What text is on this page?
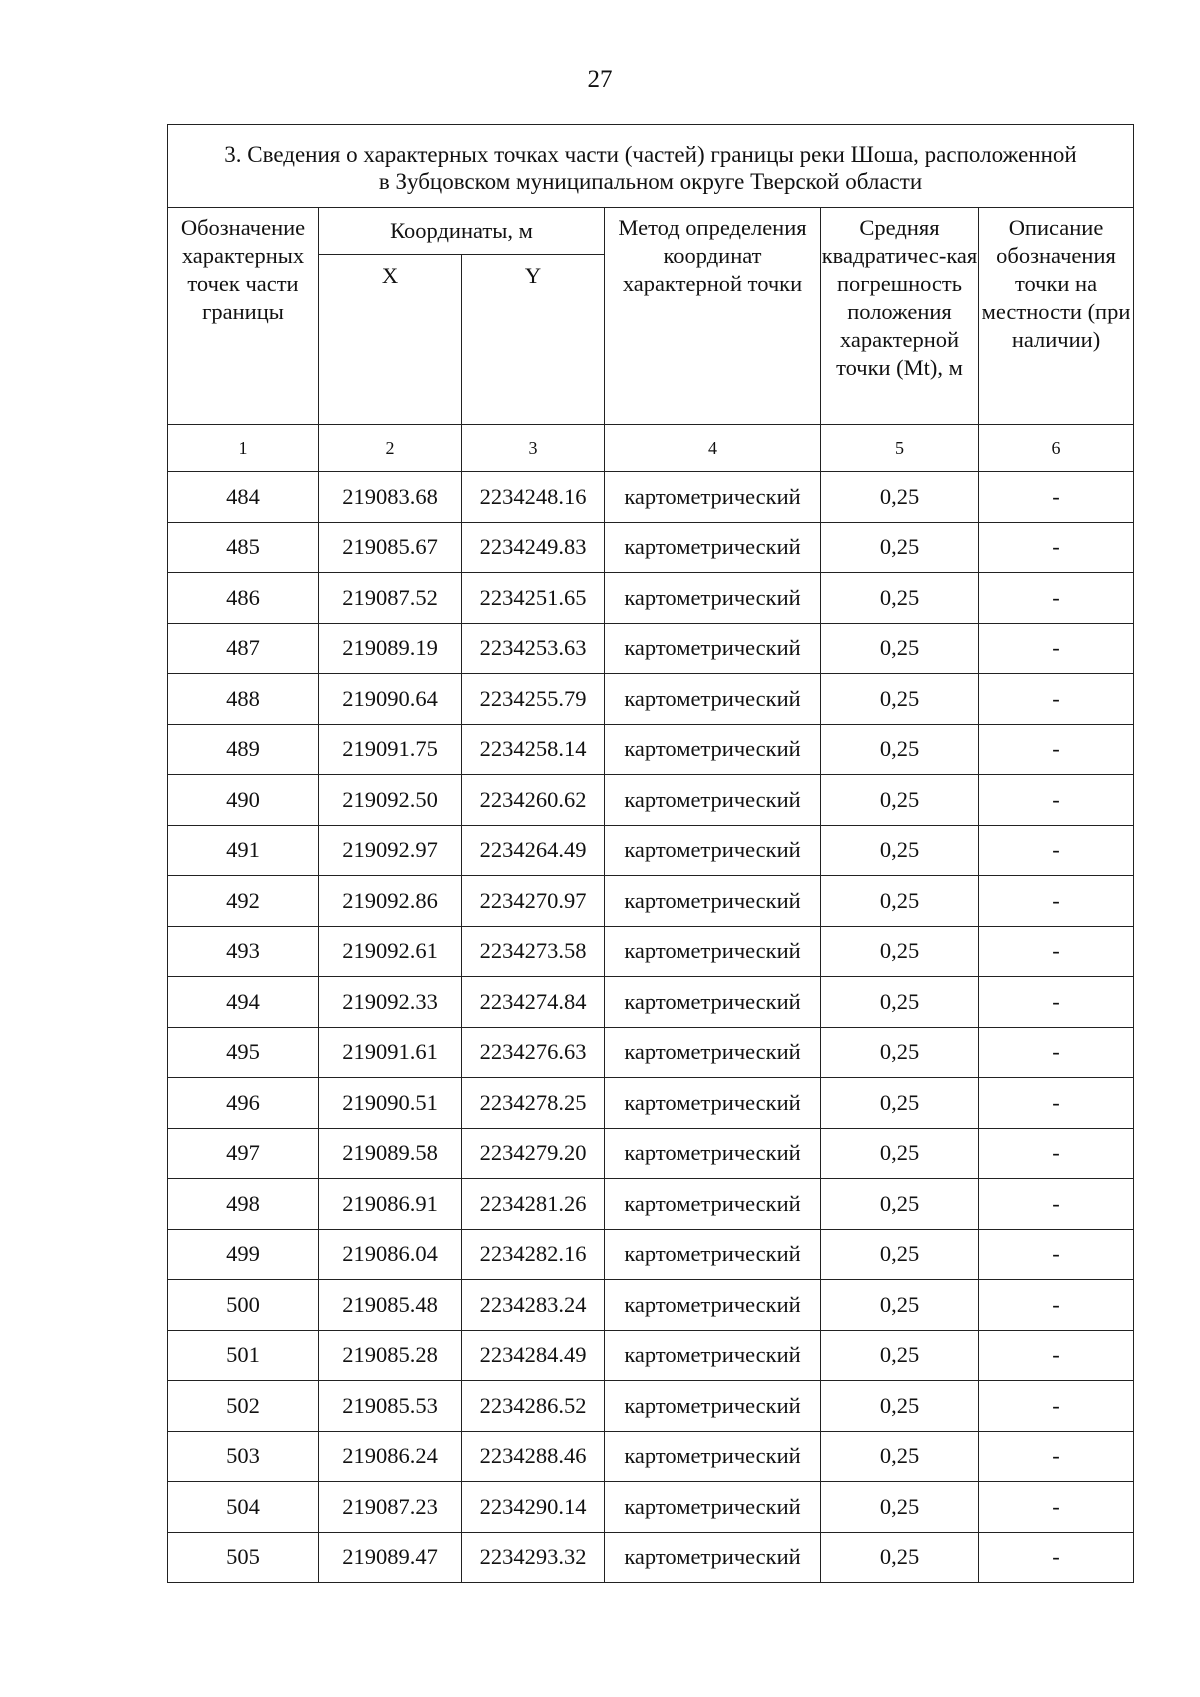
27
3. Сведения о характерных точках части (частей) границы реки Шоша, расположенной
в Зубцовском муниципальном округе Тверской области					

Обозначение характерных точек части границы	Координаты, м		Метод определения координат характерной точки	Средняя квадратичес-кая погрешность положения характерной точки (Mt), м	Описание обозначения точки на местности (при наличии)
	X	Y			
1	2	3	4	5	6
484	219083.68	2234248.16	картометрический	0,25	-
485	219085.67	2234249.83	картометрический	0,25	-
486	219087.52	2234251.65	картометрический	0,25	-
487	219089.19	2234253.63	картометрический	0,25	-
488	219090.64	2234255.79	картометрический	0,25	-
489	219091.75	2234258.14	картометрический	0,25	-
490	219092.50	2234260.62	картометрический	0,25	-
491	219092.97	2234264.49	картометрический	0,25	-
492	219092.86	2234270.97	картометрический	0,25	-
493	219092.61	2234273.58	картометрический	0,25	-
494	219092.33	2234274.84	картометрический	0,25	-
495	219091.61	2234276.63	картометрический	0,25	-
496	219090.51	2234278.25	картометрический	0,25	-
497	219089.58	2234279.20	картометрический	0,25	-
498	219086.91	2234281.26	картометрический	0,25	-
499	219086.04	2234282.16	картометрический	0,25	-
500	219085.48	2234283.24	картометрический	0,25	-
501	219085.28	2234284.49	картометрический	0,25	-
502	219085.53	2234286.52	картометрический	0,25	-
503	219086.24	2234288.46	картометрический	0,25	-
504	219087.23	2234290.14	картометрический	0,25	-
505	219089.47	2234293.32	картометрический	0,25	-
